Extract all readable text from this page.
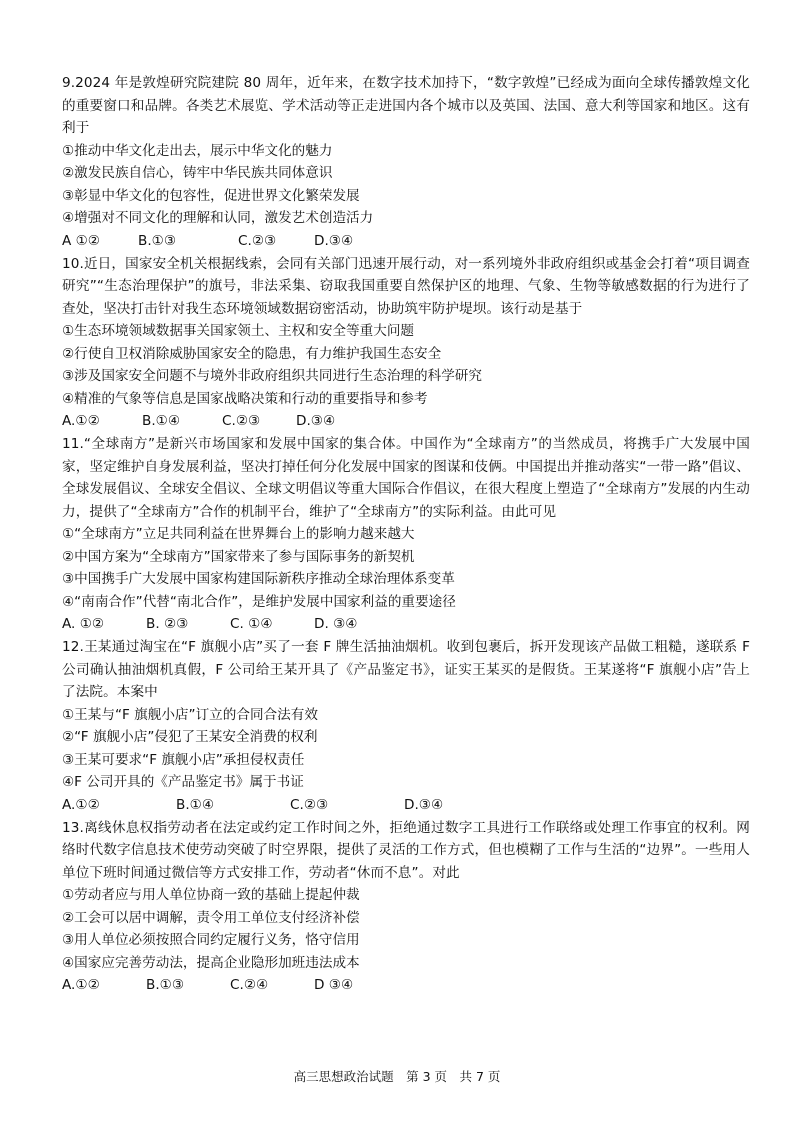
9.2024 年是敦煌研究院建院 80 周年，近年来，在数字技术加持下，“数字敦煌”已经成为面向全球传播敦煌文化的重要窗口和品牌。各类艺术展览、学术活动等正走进国内各个城市以及英国、法国、意大利等国家和地区。这有利于

①推动中华文化走出去，展示中华文化的魅力

②激发民族自信心，铸牢中华民族共同体意识

③彰显中华文化的包容性，促进世界文化繁荣发展

④增强对不同文化的理解和认同，激发艺术创造活力

A ①②	B.①③	C.②③	D.③④

10.近日，国家安全机关根据线索，会同有关部门迅速开展行动，对一系列境外非政府组织或基金会打着“项目调查研究”“生态治理保护”的旗号，非法采集、窃取我国重要自然保护区的地理、气象、生物等敏感数据的行为进行了查处，坚决打击针对我生态环境领域数据窃密活动，协助筑牢防护堤坝。该行动是基于

①生态环境领域数据事关国家领土、主权和安全等重大问题

②行使自卫权消除威胁国家安全的隐患，有力维护我国生态安全

③涉及国家安全问题不与境外非政府组织共同进行生态治理的科学研究

④精准的气象等信息是国家战略决策和行动的重要指导和参考

A.①②	B.①④	C.②③	D.③④

11.“全球南方”是新兴市场国家和发展中国家的集合体。中国作为“全球南方”的当然成员，将携手广大发展中国家，坚定维护自身发展利益，坚决打掉任何分化发展中国家的图谋和伎俩。中国提出并推动落实“一带一路”倡议、全球发展倡议、全球安全倡议、全球文明倡议等重大国际合作倡议，在很大程度上塑造了“全球南方”发展的内生动力，提供了“全球南方”合作的机制平台，维护了“全球南方”的实际利益。由此可见

①“全球南方”立足共同利益在世界舞台上的影响力越来越大

②中国方案为“全球南方”国家带来了参与国际事务的新契机

③中国携手广大发展中国家构建国际新秩序推动全球治理体系变革

④“南南合作”代替“南北合作”，是维护发展中国家利益的重要途径

A. ①②	B. ②③	C. ①④	D. ③④

12.王某通过淘宝在“F 旗舰小店”买了一套 F 牌生活抽油烟机。收到包裹后，拆开发现该产品做工粗糙，遂联系 F 公司确认抽油烟机真假，F 公司给王某开具了《产品鉴定书》，证实王某买的是假货。王某遂将“F 旗舰小店”告上了法院。本案中

①王某与“F 旗舰小店”订立的合同合法有效

②“F 旗舰小店”侵犯了王某安全消费的权利

③王某可要求“F 旗舰小店”承担侵权责任

④F 公司开具的《产品鉴定书》属于书证

A.①②	B.①④	C.②③	D.③④

13.离线休息权指劳动者在法定或约定工作时间之外，拒绝通过数字工具进行工作联络或处理工作事宜的权利。网络时代数字信息技术使劳动突破了时空界限，提供了灵活的工作方式，但也模糊了工作与生活的“边界”。一些用人单位下班时间通过微信等方式安排工作，劳动者“休而不息”。对此

①劳动者应与用人单位协商一致的基础上提起仲裁

②工会可以居中调解，责令用工单位支付经济补偿

③用人单位必须按照合同约定履行义务，恪守信用

④国家应完善劳动法，提高企业隐形加班违法成本

A.①②	B.①③	C.②④	D ③④
高三思想政治试题　第 3 页　共 7 页
